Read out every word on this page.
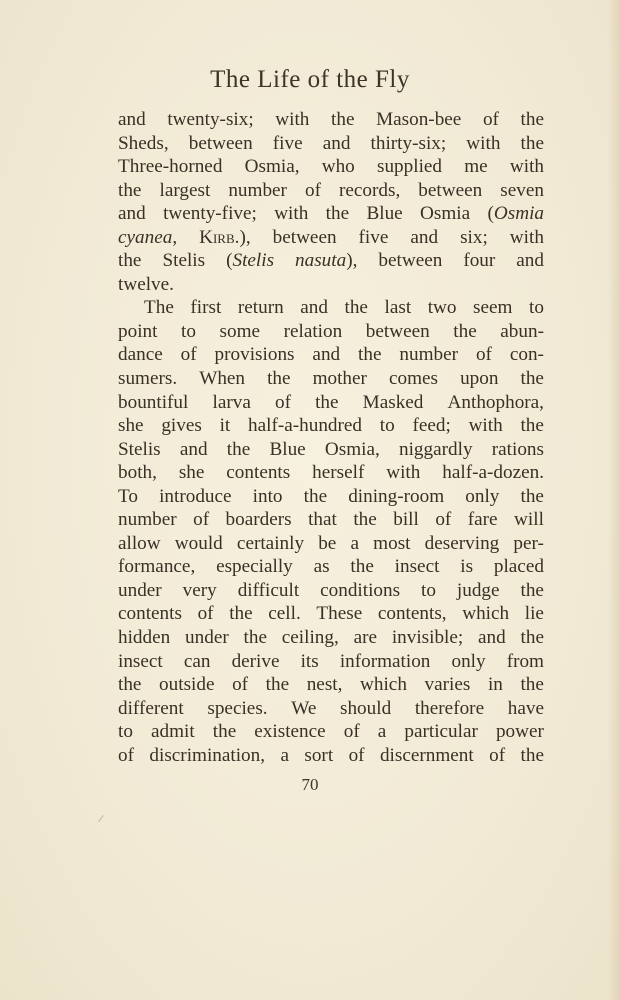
The Life of the Fly
and twenty-six; with the Mason-bee of the
Sheds, between five and thirty-six; with the
Three-horned Osmia, who supplied me with
the largest number of records, between seven
and twenty-five; with the Blue Osmia (Osmia
cyanea, Kirb.), between five and six; with
the Stelis (Stelis nasuta), between four and
twelve.
The first return and the last two seem to
point to some relation between the abun-
dance of provisions and the number of con-
sumers. When the mother comes upon the
bountiful larva of the Masked Anthophora,
she gives it half-a-hundred to feed; with the
Stelis and the Blue Osmia, niggardly rations
both, she contents herself with half-a-dozen.
To introduce into the dining-room only the
number of boarders that the bill of fare will
allow would certainly be a most deserving per-
formance, especially as the insect is placed
under very difficult conditions to judge the
contents of the cell. These contents, which lie
hidden under the ceiling, are invisible; and the
insect can derive its information only from
the outside of the nest, which varies in the
different species. We should therefore have
to admit the existence of a particular power
of discrimination, a sort of discernment of the
70
